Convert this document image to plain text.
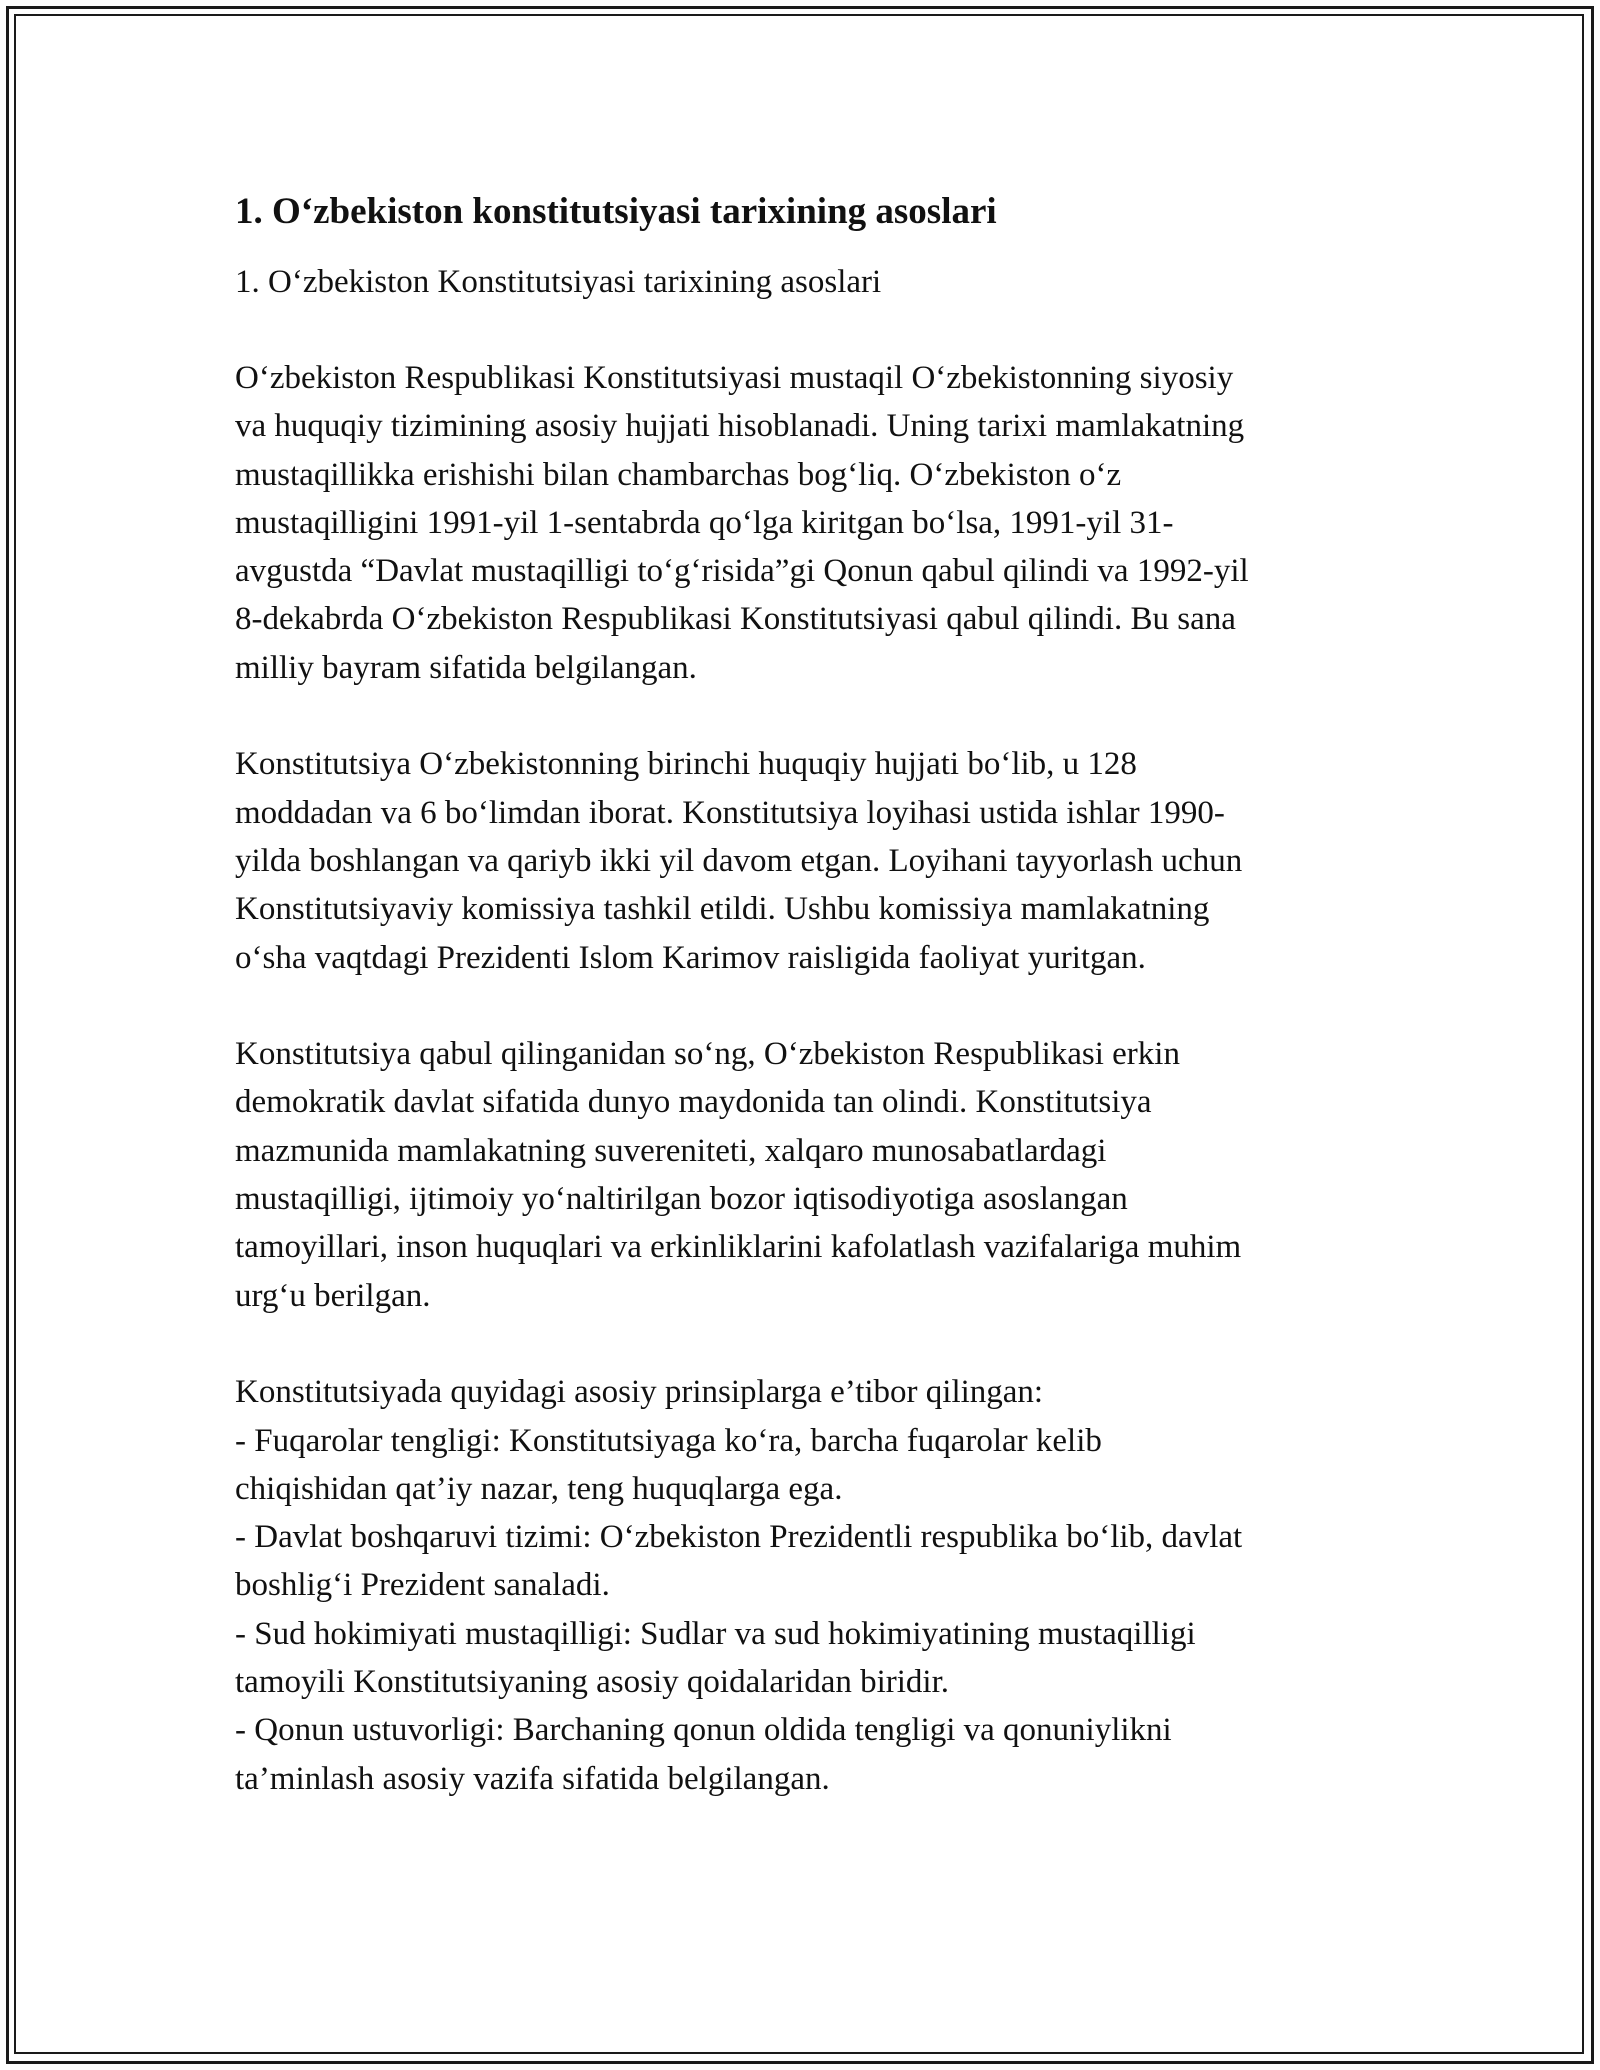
1. O‘zbekiston konstitutsiyasi tarixining asoslari

1. O‘zbekiston Konstitutsiyasi tarixining asoslari

O‘zbekiston Respublikasi Konstitutsiyasi mustaqil O‘zbekistonning siyosiy
va huquqiy tizimining asosiy hujjati hisoblanadi. Uning tarixi mamlakatning
mustaqillikka erishishi bilan chambarchas bog‘liq. O‘zbekiston o‘z
mustaqilligini 1991-yil 1-sentabrda qo‘lga kiritgan bo‘lsa, 1991-yil 31-
avgustda “Davlat mustaqilligi to‘g‘risida”gi Qonun qabul qilindi va 1992-yil
8-dekabrda O‘zbekiston Respublikasi Konstitutsiyasi qabul qilindi. Bu sana
milliy bayram sifatida belgilangan.

Konstitutsiya O‘zbekistonning birinchi huquqiy hujjati bo‘lib, u 128
moddadan va 6 bo‘limdan iborat. Konstitutsiya loyihasi ustida ishlar 1990-
yilda boshlangan va qariyb ikki yil davom etgan. Loyihani tayyorlash uchun
Konstitutsiyaviy komissiya tashkil etildi. Ushbu komissiya mamlakatning
o‘sha vaqtdagi Prezidenti Islom Karimov raisligida faoliyat yuritgan.

Konstitutsiya qabul qilinganidan so‘ng, O‘zbekiston Respublikasi erkin
demokratik davlat sifatida dunyo maydonida tan olindi. Konstitutsiya
mazmunida mamlakatning suvereniteti, xalqaro munosabatlardagi
mustaqilligi, ijtimoiy yo‘naltirilgan bozor iqtisodiyotiga asoslangan
tamoyillari, inson huquqlari va erkinliklarini kafolatlash vazifalariga muhim
urg‘u berilgan.

Konstitutsiyada quyidagi asosiy prinsiplarga e’tibor qilingan:

- Fuqarolar tengligi: Konstitutsiyaga ko‘ra, barcha fuqarolar kelib
chiqishidan qat’iy nazar, teng huquqlarga ega.
- Davlat boshqaruvi tizimi: O‘zbekiston Prezidentli respublika bo‘lib, davlat
boshlig‘i Prezident sanaladi.
- Sud hokimiyati mustaqilligi: Sudlar va sud hokimiyatining mustaqilligi
tamoyili Konstitutsiyaning asosiy qoidalaridan biridir.
- Qonun ustuvorligi: Barchaning qonun oldida tengligi va qonuniylikni
ta’minlash asosiy vazifa sifatida belgilangan.
